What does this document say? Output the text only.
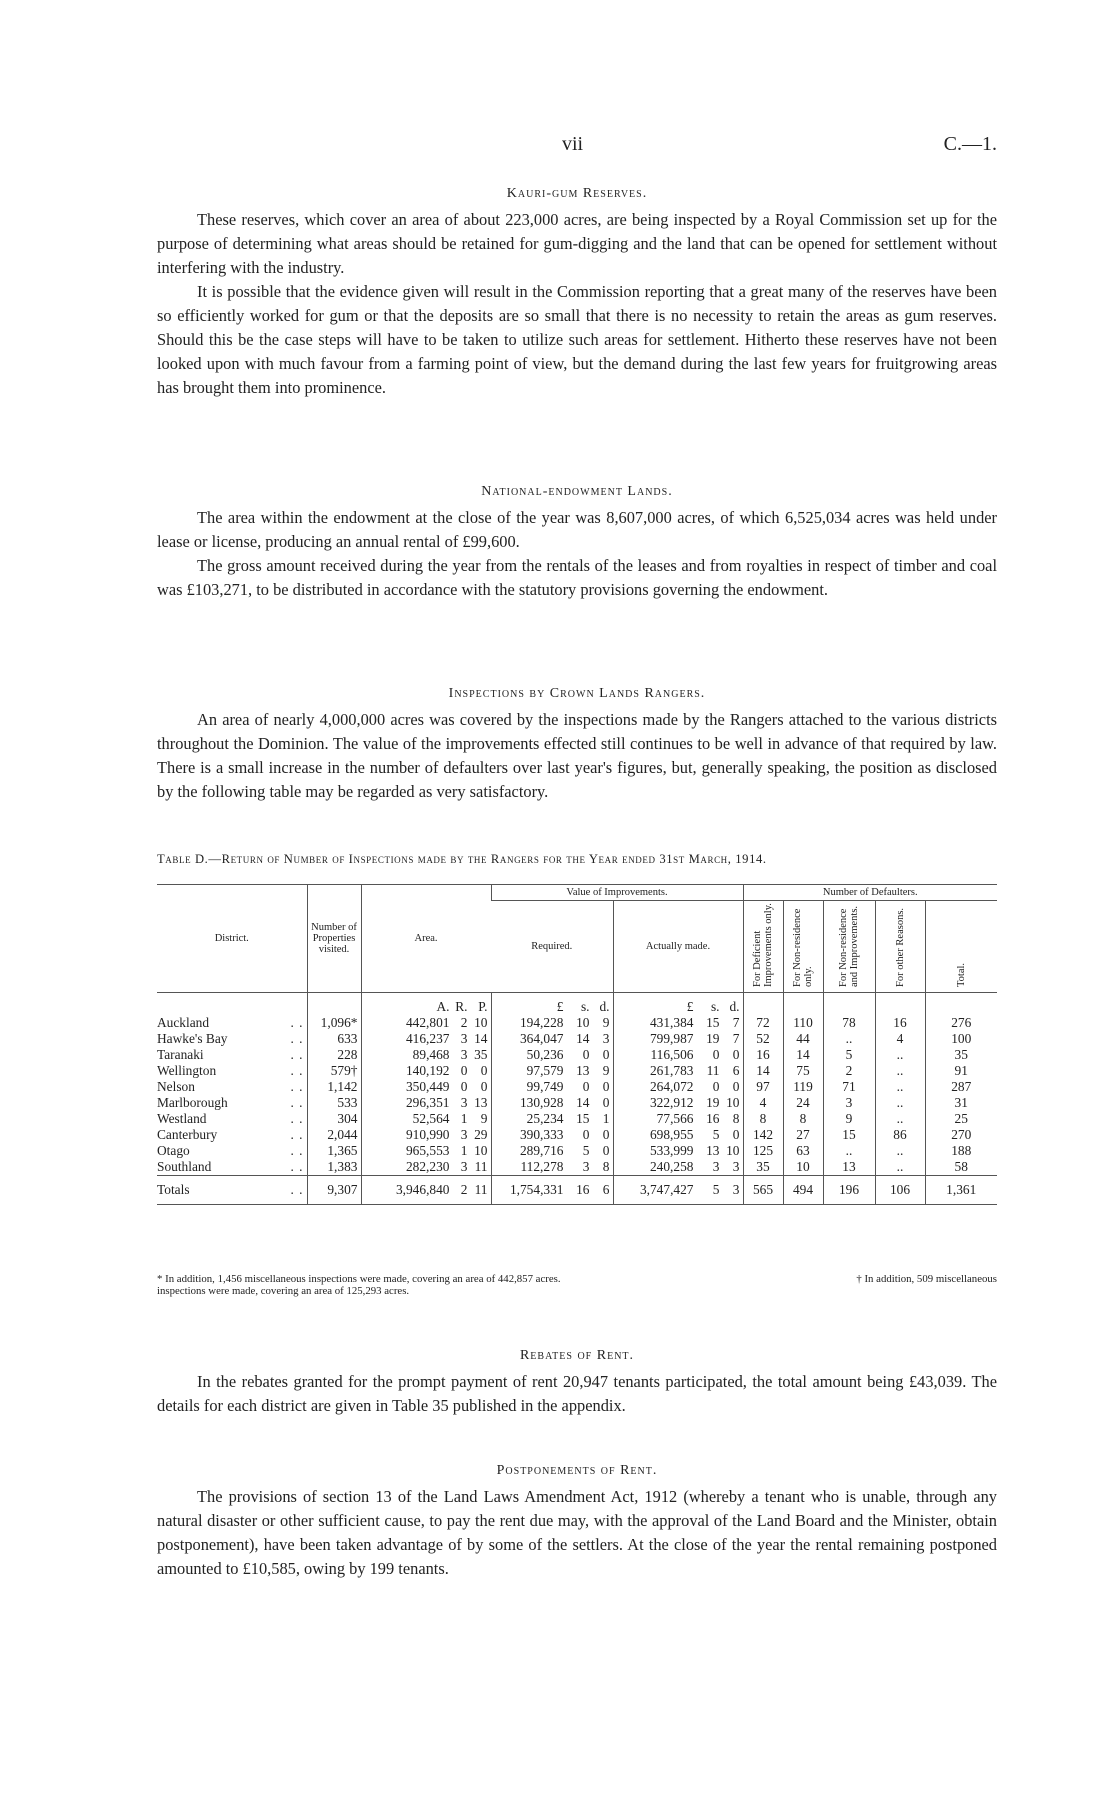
vii	C.—1.
Kauri-gum Reserves.

These reserves, which cover an area of about 223,000 acres, are being inspected by a Royal Commission set up for the purpose of determining what areas should be retained for gum-digging and the land that can be opened for settlement without interfering with the industry.

It is possible that the evidence given will result in the Commission reporting that a great many of the reserves have been so efficiently worked for gum or that the deposits are so small that there is no necessity to retain the areas as gum reserves. Should this be the case steps will have to be taken to utilize such areas for settlement. Hitherto these reserves have not been looked upon with much favour from a farming point of view, but the demand during the last few years for fruitgrowing areas has brought them into prominence.

National-endowment Lands.

The area within the endowment at the close of the year was 8,607,000 acres, of which 6,525,034 acres was held under lease or license, producing an annual rental of £99,600.

The gross amount received during the year from the rentals of the leases and from royalties in respect of timber and coal was £103,271, to be distributed in accordance with the statutory provisions governing the endowment.

Inspections by Crown Lands Rangers.

An area of nearly 4,000,000 acres was covered by the inspections made by the Rangers attached to the various districts throughout the Dominion. The value of the improvements effected still continues to be well in advance of that required by law. There is a small increase in the number of defaulters over last year's figures, but, generally speaking, the position as disclosed by the following table may be regarded as very satisfactory.

Table D.—Return of Number of Inspections made by the Rangers for the Year ended 31st March, 1914.
District.	Number of Properties visited.	Area.	Value of Improvements.		Number of Defaulters.				
			Required.	Actually made.	For Deficient Improvements only.	For Non-residence only.	For Non-residence and Improvements.	For other Reasons.	Total.

		A. R. P.	£ s. d.	£ s. d.					

Auckland . .	1,096*	442,801 2 10	194,228 10 9	431,384 15 7	72	110	78	16	276
Hawke's Bay . .	633	416,237 3 14	364,047 14 3	799,987 19 7	52	44	..	4	100
Taranaki . .	228	89,468 3 35	50,236 0 0	116,506 0 0	16	14	5	..	35
Wellington . .	579†	140,192 0 0	97,579 13 9	261,783 11 6	14	75	2	..	91
Nelson . .	1,142	350,449 0 0	99,749 0 0	264,072 0 0	97	119	71	..	287
Marlborough . .	533	296,351 3 13	130,928 14 0	322,912 19 10	4	24	3	..	31
Westland . .	304	52,564 1 9	25,234 15 1	77,566 16 8	8	8	9	..	25
Canterbury . .	2,044	910,990 3 29	390,333 0 0	698,955 5 0	142	27	15	86	270
Otago . .	1,365	965,553 1 10	289,716 5 0	533,999 13 10	125	63	..	..	188
Southland . .	1,383	282,230 3 11	112,278 3 8	240,258 3 3	35	10	13	..	58
Totals . .	9,307	3,946,840 2 11	1,754,331 16 6	3,747,427 5 3	565	494	196	106	1,361
* In addition, 1,456 miscellaneous inspections were made, covering an area of 442,857 acres.	† In addition, 509 miscellaneous
inspections were made, covering an area of 125,293 acres.
Rebates of Rent.

In the rebates granted for the prompt payment of rent 20,947 tenants participated, the total amount being £43,039. The details for each district are given in Table 35 published in the appendix.

Postponements of Rent.

The provisions of section 13 of the Land Laws Amendment Act, 1912 (whereby a tenant who is unable, through any natural disaster or other sufficient cause, to pay the rent due may, with the approval of the Land Board and the Minister, obtain postponement), have been taken advantage of by some of the settlers. At the close of the year the rental remaining postponed amounted to £10,585, owing by 199 tenants.
